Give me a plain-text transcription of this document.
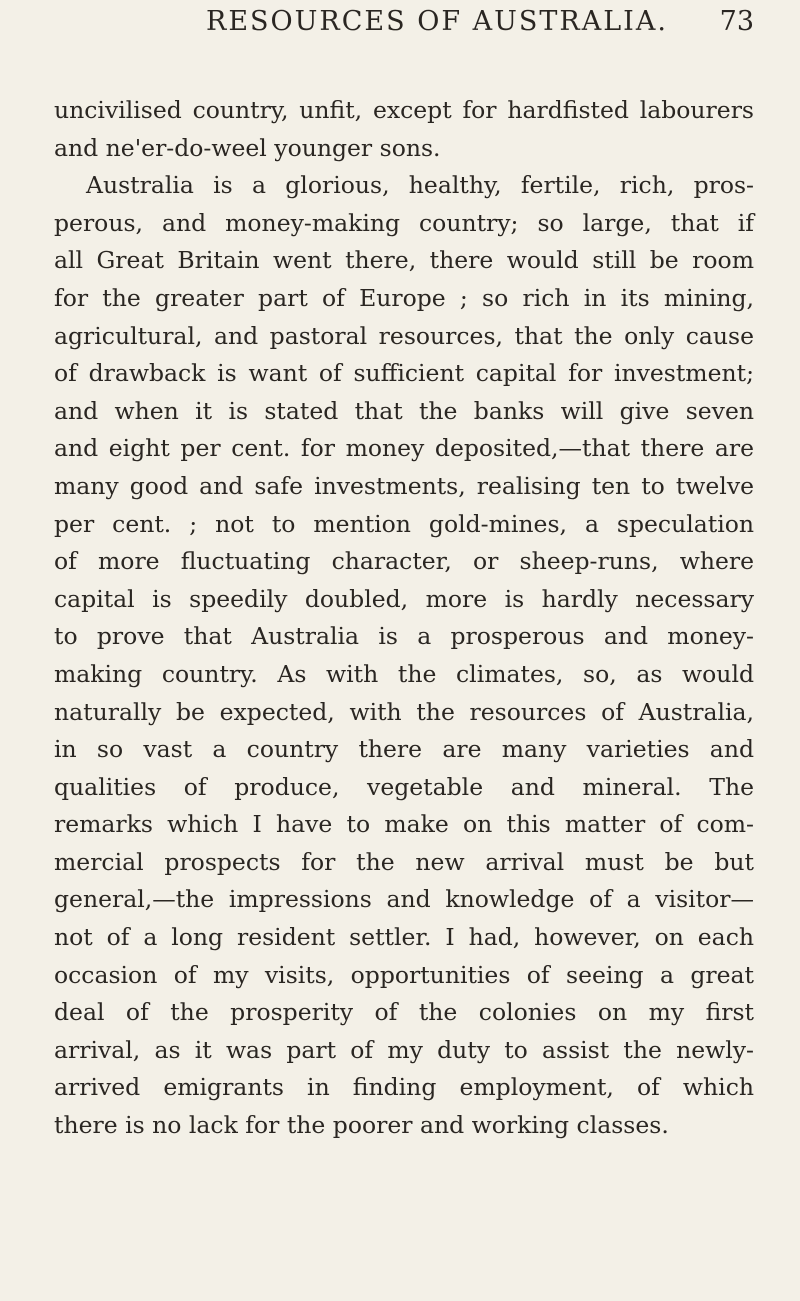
RESOURCES OF AUSTRALIA. 73
uncivilised country, unfit, except for hardfisted labourers
and ne'er-do-weel younger sons.
Australia is a glorious, healthy, fertile, rich, pros-
perous, and money-making country; so large, that if
all Great Britain went there, there would still be room
for the greater part of Europe ; so rich in its mining,
agricultural, and pastoral resources, that the only cause
of drawback is want of sufficient capital for investment;
and when it is stated that the banks will give seven
and eight per cent. for money deposited,—that there are
many good and safe investments, realising ten to twelve
per cent. ; not to mention gold-mines, a speculation
of more fluctuating character, or sheep-runs, where
capital is speedily doubled, more is hardly necessary
to prove that Australia is a prosperous and money-
making country. As with the climates, so, as would
naturally be expected, with the resources of Australia,
in so vast a country there are many varieties and
qualities of produce, vegetable and mineral. The
remarks which I have to make on this matter of com-
mercial prospects for the new arrival must be but
general,—the impressions and knowledge of a visitor—
not of a long resident settler. I had, however, on each
occasion of my visits, opportunities of seeing a great
deal of the prosperity of the colonies on my first
arrival, as it was part of my duty to assist the newly-
arrived emigrants in finding employment, of which
there is no lack for the poorer and working classes.
